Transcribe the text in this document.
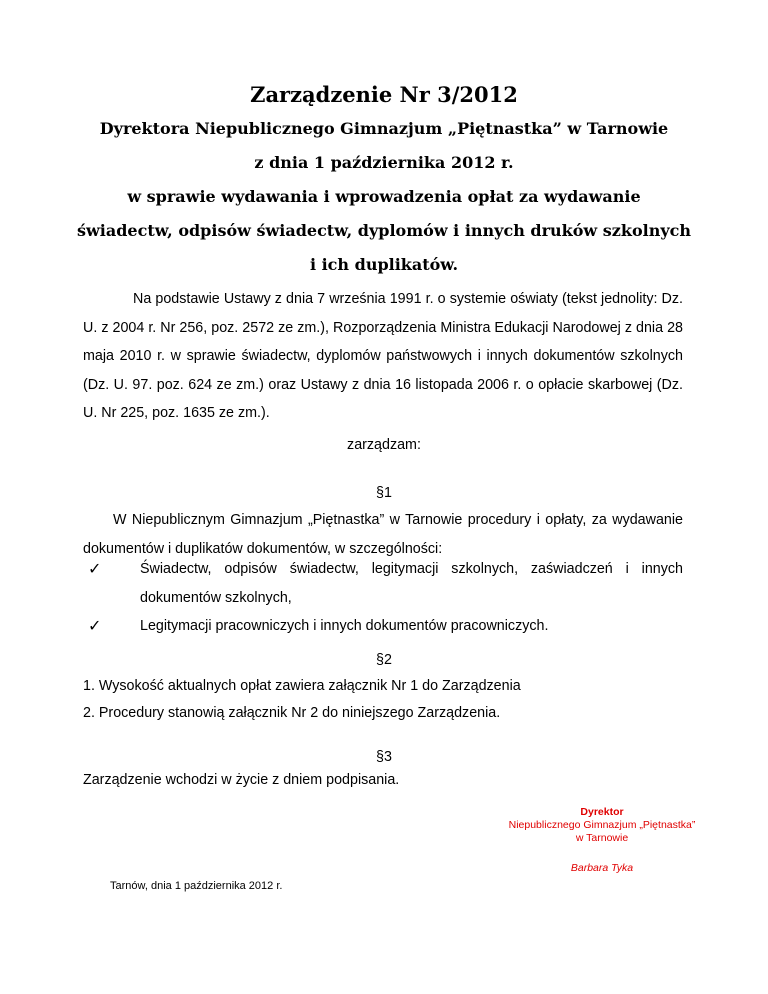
Zarządzenie Nr 3/2012
Dyrektora Niepublicznego Gimnazjum „Piętnastka” w Tarnowie
z dnia 1 października 2012 r.
w sprawie wydawania i wprowadzenia opłat za wydawanie
świadectw, odpisów świadectw, dyplomów i innych druków szkolnych
i ich duplikatów.

Na podstawie Ustawy z dnia 7 września 1991 r. o systemie oświaty (tekst jednolity: Dz. U. z 2004 r. Nr 256, poz. 2572 ze zm.), Rozporządzenia Ministra Edukacji Narodowej z dnia 28 maja 2010 r. w sprawie świadectw, dyplomów państwowych i innych dokumentów szkolnych (Dz. U. 97. poz. 624 ze zm.) oraz Ustawy z dnia 16 listopada 2006 r. o opłacie skarbowej (Dz. U. Nr 225, poz. 1635 ze zm.).

zarządzam:
§1

W Niepublicznym Gimnazjum „Piętnastka” w Tarnowie procedury i opłaty, za wydawanie dokumentów i duplikatów dokumentów, w szczególności:

✓	Świadectw, odpisów świadectw, legitymacji szkolnych, zaświadczeń i innych dokumentów szkolnych,

✓	Legitymacji pracowniczych i innych dokumentów pracowniczych.

§2
1. Wysokość aktualnych opłat zawiera załącznik Nr 1 do Zarządzenia
2. Procedury stanowią załącznik Nr 2 do niniejszego Zarządzenia.
§3
Zarządzenie wchodzi w życie z dniem podpisania.
Dyrektor
Niepublicznego Gimnazjum „Piętnastka”
w Tarnowie
Barbara Tyka
Tarnów, dnia 1 października 2012 r.
